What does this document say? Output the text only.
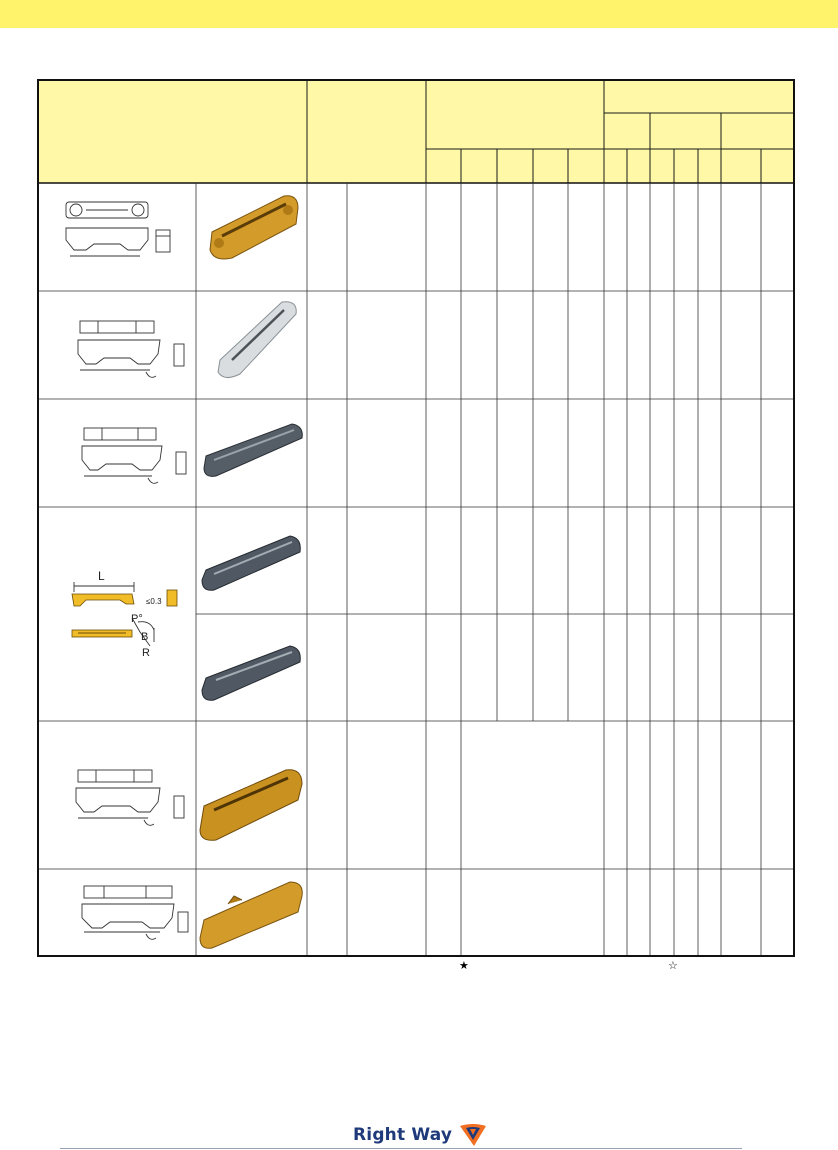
L
≤0.3
P°
B
R
★	☆
Right Way
